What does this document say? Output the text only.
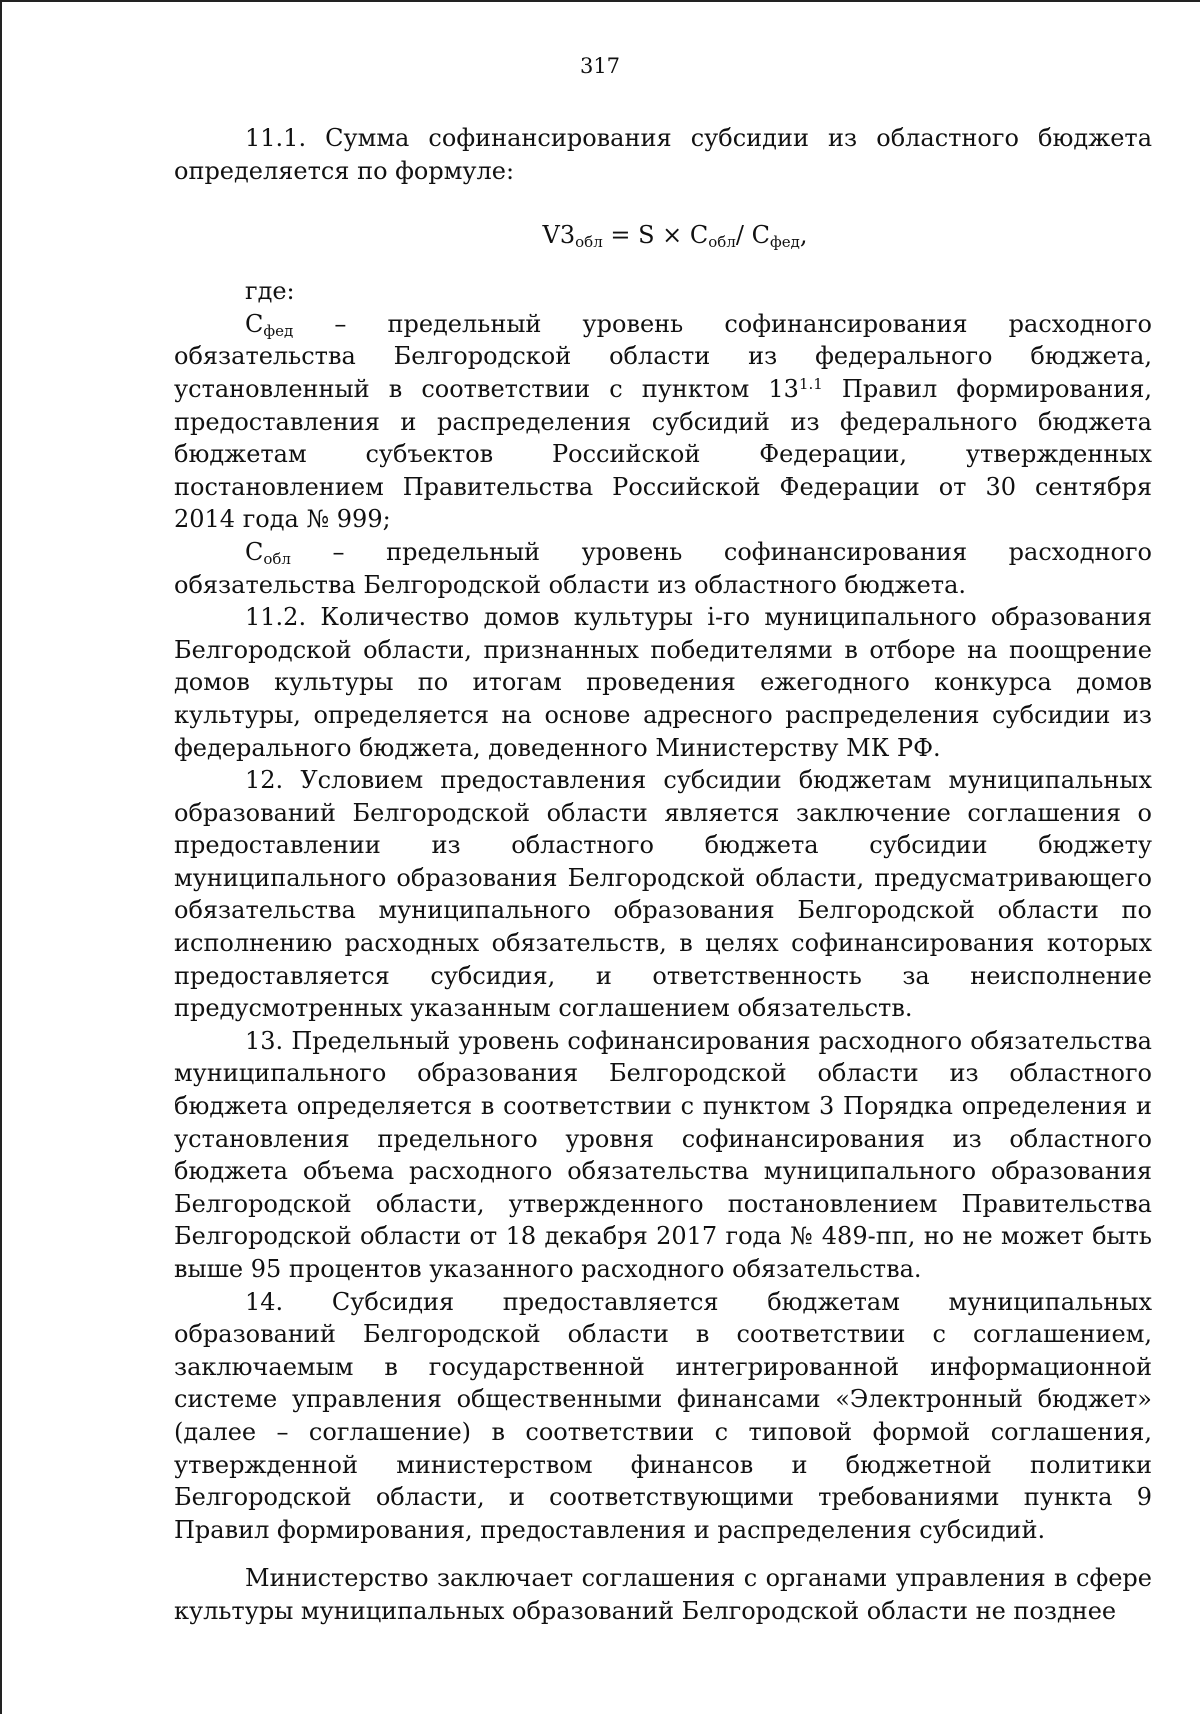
317

11.1. Сумма софинансирования субсидии из областного бюджета определяется по формуле:

$V3_{обл} = S \times С_{обл}/$ $С_{фед}$,

где:

$С_{фед}$ – предельный уровень софинансирования расходного обязательства Белгородской области из федерального бюджета, установленный в соответствии с пунктом $13^{1.1}$ Правил формирования, предоставления и распределения субсидий из федерального бюджета бюджетам субъектов Российской Федерации, утвержденных постановлением Правительства Российской Федерации от 30 сентября 2014 года № 999;

$С_{обл}$ – предельный уровень софинансирования расходного обязательства Белгородской области из областного бюджета.

11.2. Количество домов культуры i-го муниципального образования Белгородской области, признанных победителями в отборе на поощрение домов культуры по итогам проведения ежегодного конкурса домов культуры, определяется на основе адресного распределения субсидии из федерального бюджета, доведенного Министерству МК РФ.

12. Условием предоставления субсидии бюджетам муниципальных образований Белгородской области является заключение соглашения о предоставлении из областного бюджета субсидии бюджету муниципального образования Белгородской области, предусматривающего обязательства муниципального образования Белгородской области по исполнению расходных обязательств, в целях софинансирования которых предоставляется субсидия, и ответственность за неисполнение предусмотренных указанным соглашением обязательств.

13. Предельный уровень софинансирования расходного обязательства муниципального образования Белгородской области из областного бюджета определяется в соответствии с пунктом 3 Порядка определения и установления предельного уровня софинансирования из областного бюджета объема расходного обязательства муниципального образования Белгородской области, утвержденного постановлением Правительства Белгородской области от 18 декабря 2017 года № 489-пп, но не может быть выше 95 процентов указанного расходного обязательства.

14. Субсидия предоставляется бюджетам муниципальных образований Белгородской области в соответствии с соглашением, заключаемым в государственной интегрированной информационной системе управления общественными финансами «Электронный бюджет» (далее – соглашение) в соответствии с типовой формой соглашения, утвержденной министерством финансов и бюджетной политики Белгородской области, и соответствующими требованиями пункта 9 Правил формирования, предоставления и распределения субсидий.

Министерство заключает соглашения с органами управления в сфере культуры муниципальных образований Белгородской области не позднее
